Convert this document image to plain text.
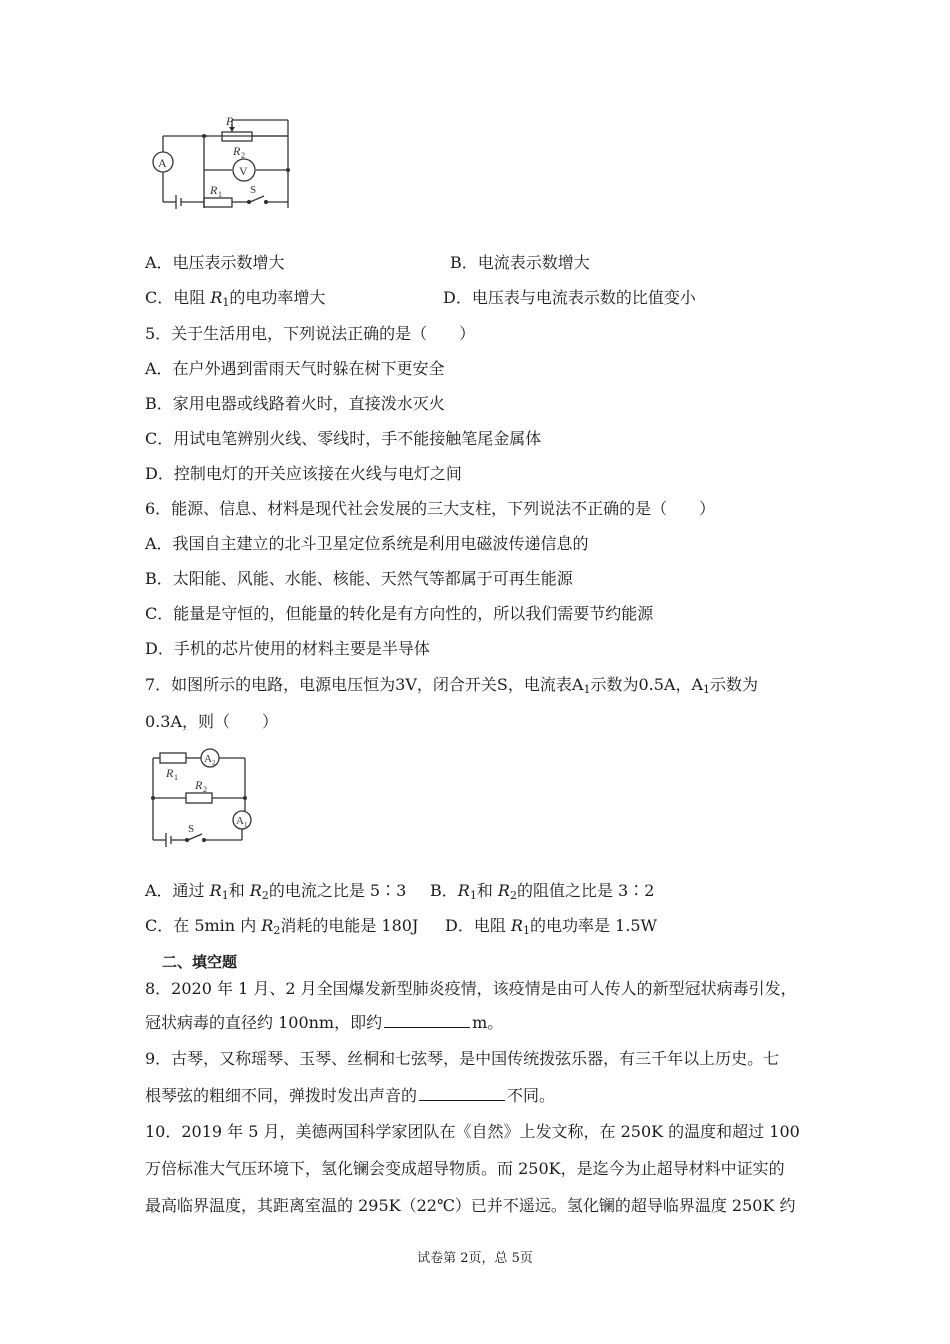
P
R 2
V
A
R 1	S
A．电压表示数增大	B．电流表示数增大
C．电阻 $R_1$的电功率增大	D．电压表与电流表示数的比值变小
5．关于生活用电，下列说法正确的是（　　）
A．在户外遇到雷雨天气时躲在树下更安全
B．家用电器或线路着火时，直接泼水灭火
C．用试电笔辨别火线、零线时，手不能接触笔尾金属体
D．控制电灯的开关应该接在火线与电灯之间
6．能源、信息、材料是现代社会发展的三大支柱，下列说法不正确的是（　　）
A．我国自主建立的北斗卫星定位系统是利用电磁波传递信息的
B．太阳能、风能、水能、核能、天然气等都属于可再生能源
C．能量是守恒的，但能量的转化是有方向性的，所以我们需要节约能源
D．手机的芯片使用的材料主要是半导体
7．如图所示的电路，电源电压恒为3V，闭合开关S，电流表$A_1$示数为0.5A，$A_1$示数为
0.3A，则（　　）
R 1
R 2
A 2
A 1
S
A．通过 $R_1$和 $R_2$的电流之比是 5∶3 B．$R_1$和 $R_2$的阻值之比是 3∶2
C．在 5min 内 $R_2$消耗的电能是 180J D．电阻 $R_1$的电功率是 1.5W
二、填空题
8．2020 年 1 月、2 月全国爆发新型肺炎疫情，该疫情是由可人传人的新型冠状病毒引发，
冠状病毒的直径约 100nm，即约	m。
9．古琴，又称瑶琴、玉琴、丝桐和七弦琴，是中国传统拨弦乐器，有三千年以上历史。七
根琴弦的粗细不同，弹拨时发出声音的	不同。
10．2019 年 5 月，美德两国科学家团队在《自然》上发文称，在 250K 的温度和超过 100
万倍标准大气压环境下，氢化镧会变成超导物质。而 250K，是迄今为止超导材料中证实的
最高临界温度，其距离室温的 295K（22℃）已并不遥远。氢化镧的超导临界温度 250K 约
试卷第 2页，总 5页
